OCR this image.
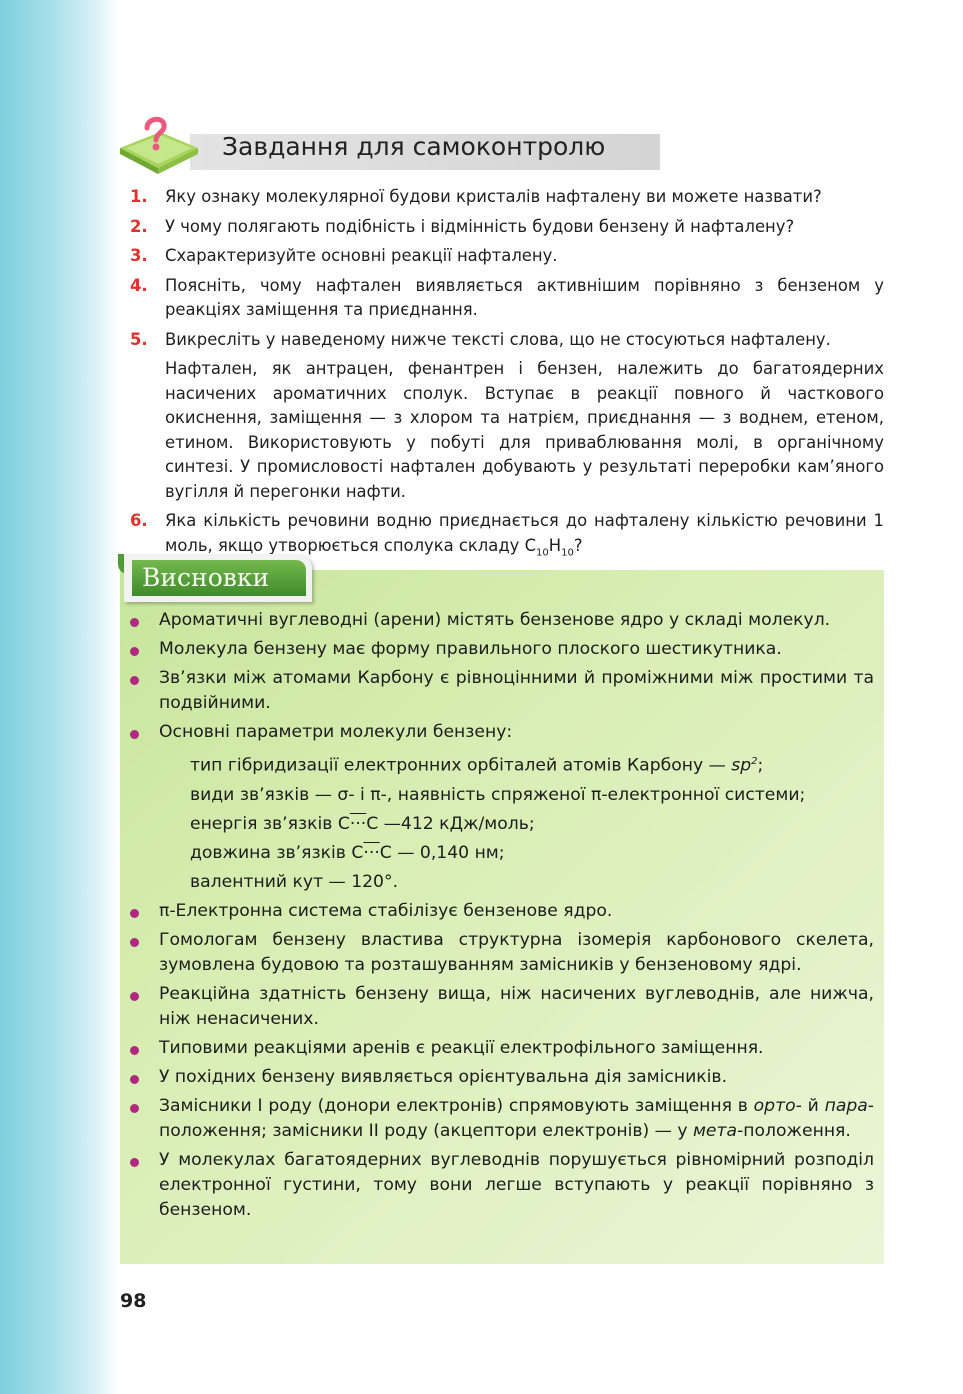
Завдання для самоконтролю
1.	Яку ознаку молекулярної будови кристалів нафталену ви можете назвати?
2.	У чому полягають подібність і відмінність будови бензену й нафталену?
3.	Схарактеризуйте основні реакції нафталену.
4.	Поясніть, чому нафтален виявляється активнішим порівняно з бензеном у реакціях заміщення та приєднання.
5.	Викресліть у наведеному нижче тексті слова, що не стосуються нафталену.
Нафтален, як антрацен, фенантрен і бензен, належить до багатоядерних насичених ароматичних сполук. Вступає в реакції повного й часткового окиснення, заміщення — з хлором та натрієм, приєднання — з воднем, етеном, етином. Використовують у побуті для приваблювання молі, в органічному синтезі. У промисловості нафтален добувають у результаті переробки кам’яного вугілля й перегонки нафти.
6.	Яка кількість речовини водню приєднається до нафталену кількістю речовини 1 моль, якщо утворюється сполука складу $C_{10}H_{10}$?
Висновки
Ароматичні вуглеводні (арени) містять бензенове ядро у складі молекул.
Молекула бензену має форму правильного плоского шестикутника.
Зв’язки між атомами Карбону є рівноцінними й проміжними між простими та подвійними.
Основні параметри молекули бензену:
тип гібридизації електронних орбіталей атомів Карбону — $sp^2$;
види зв’язків — σ- і π-, наявність спряженої π-електронної системи;
енергія зв’язків C···C —412 кДж/моль;
довжина зв’язків C···C — 0,140 нм;
валентний кут — 120°.
π-Електронна система стабілізує бензенове ядро.
Гомологам бензену властива структурна ізомерія карбонового скелета, зумовлена будовою та розташуванням замісників у бензеновому ядрі.
Реакційна здатність бензену вища, ніж насичених вуглеводнів, але нижча, ніж ненасичених.
Типовими реакціями аренів є реакції електрофільного заміщення.
У похідних бензену виявляється орієнтувальна дія замісників.
Замісники І роду (донори електронів) спрямовують заміщення в орто- й пара-положення; замісники ІІ роду (акцептори електронів) — у мета-положення.
У молекулах багатоядерних вуглеводнів порушується рівномірний розподіл електронної густини, тому вони легше вступають у реакції порівняно з бензеном.
98
